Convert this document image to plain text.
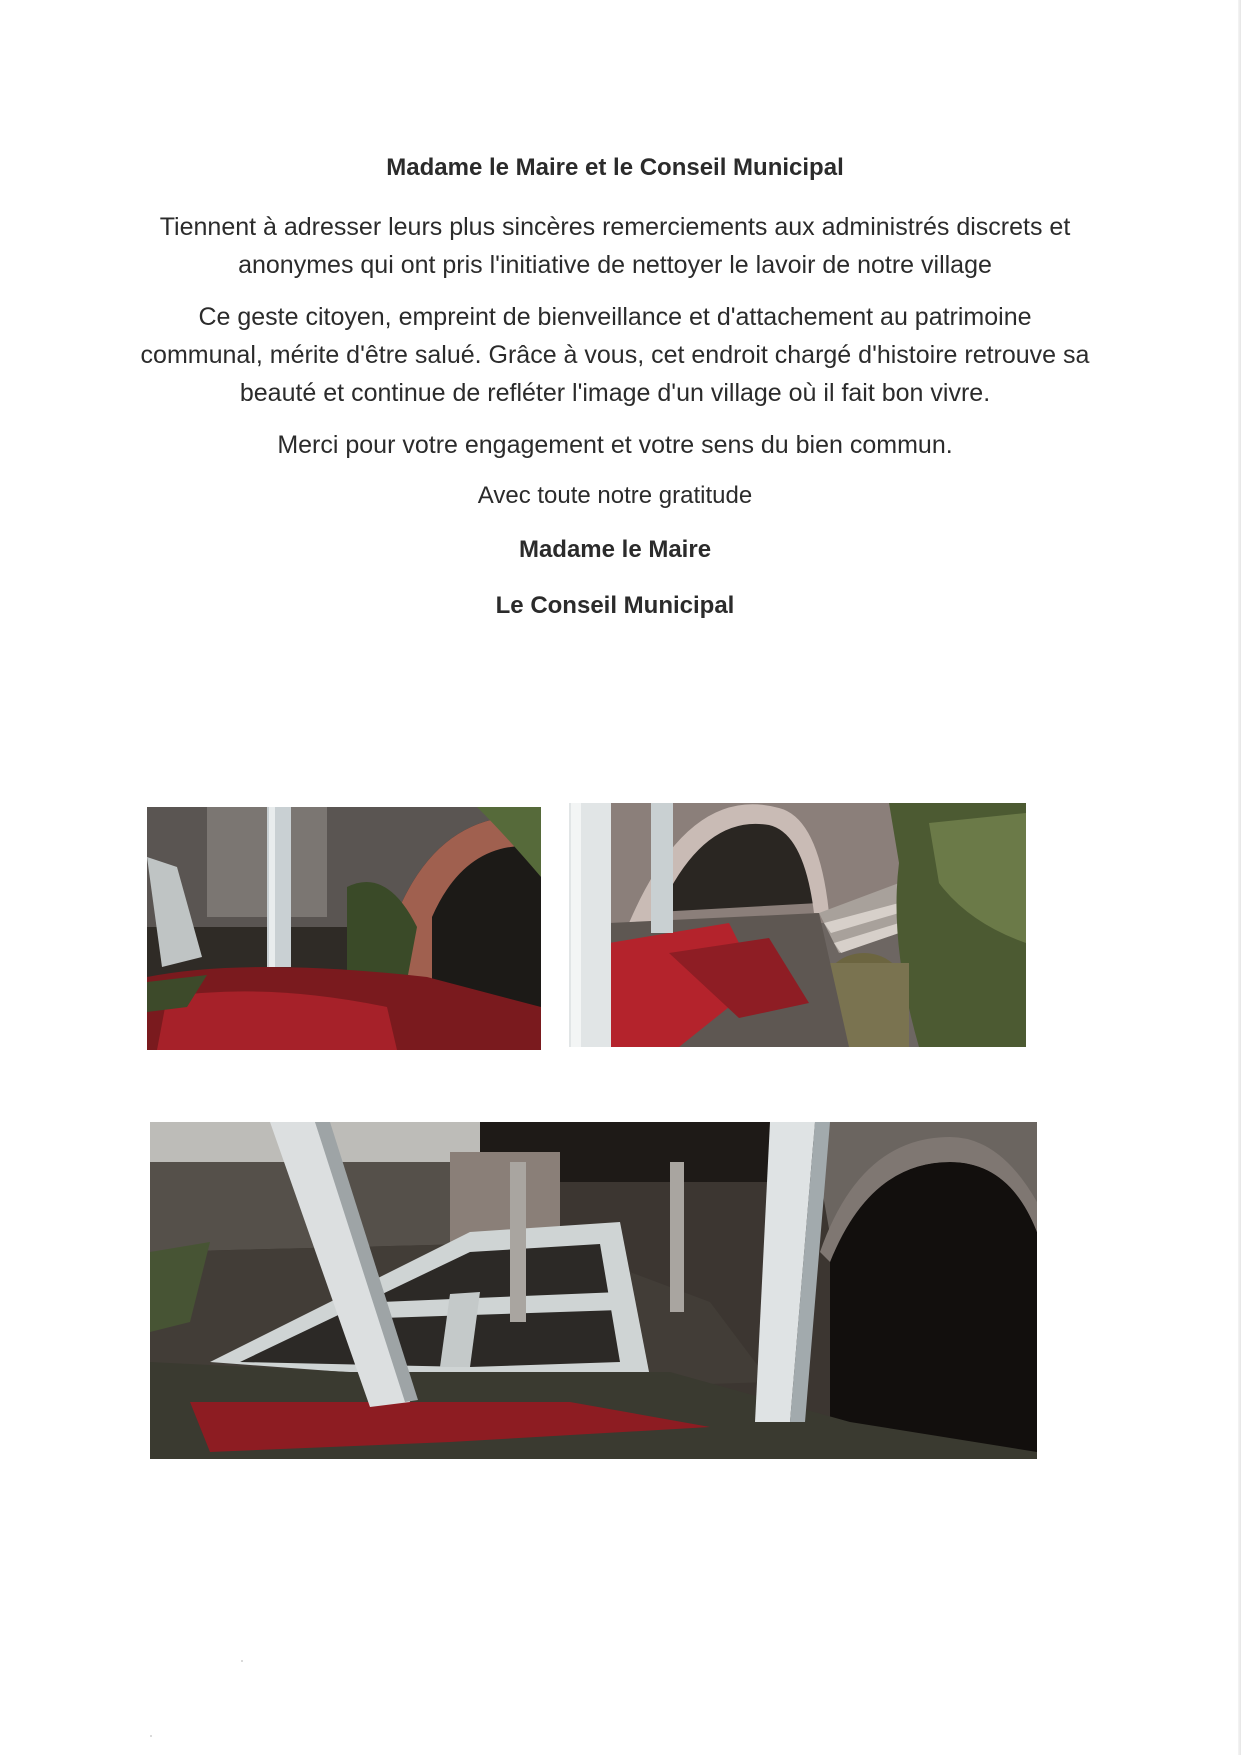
Madame le Maire et le Conseil Municipal

Tiennent à adresser leurs plus sincères remerciements aux administrés discrets et anonymes qui ont pris l'initiative de nettoyer le lavoir de notre village

Ce geste citoyen, empreint de bienveillance et d'attachement au patrimoine communal, mérite d'être salué. Grâce à vous, cet endroit chargé d'histoire retrouve sa beauté et continue de refléter l'image d'un village où il fait bon vivre.

Merci pour votre engagement et votre sens du bien commun.

Avec toute notre gratitude

Madame le Maire

Le Conseil Municipal
